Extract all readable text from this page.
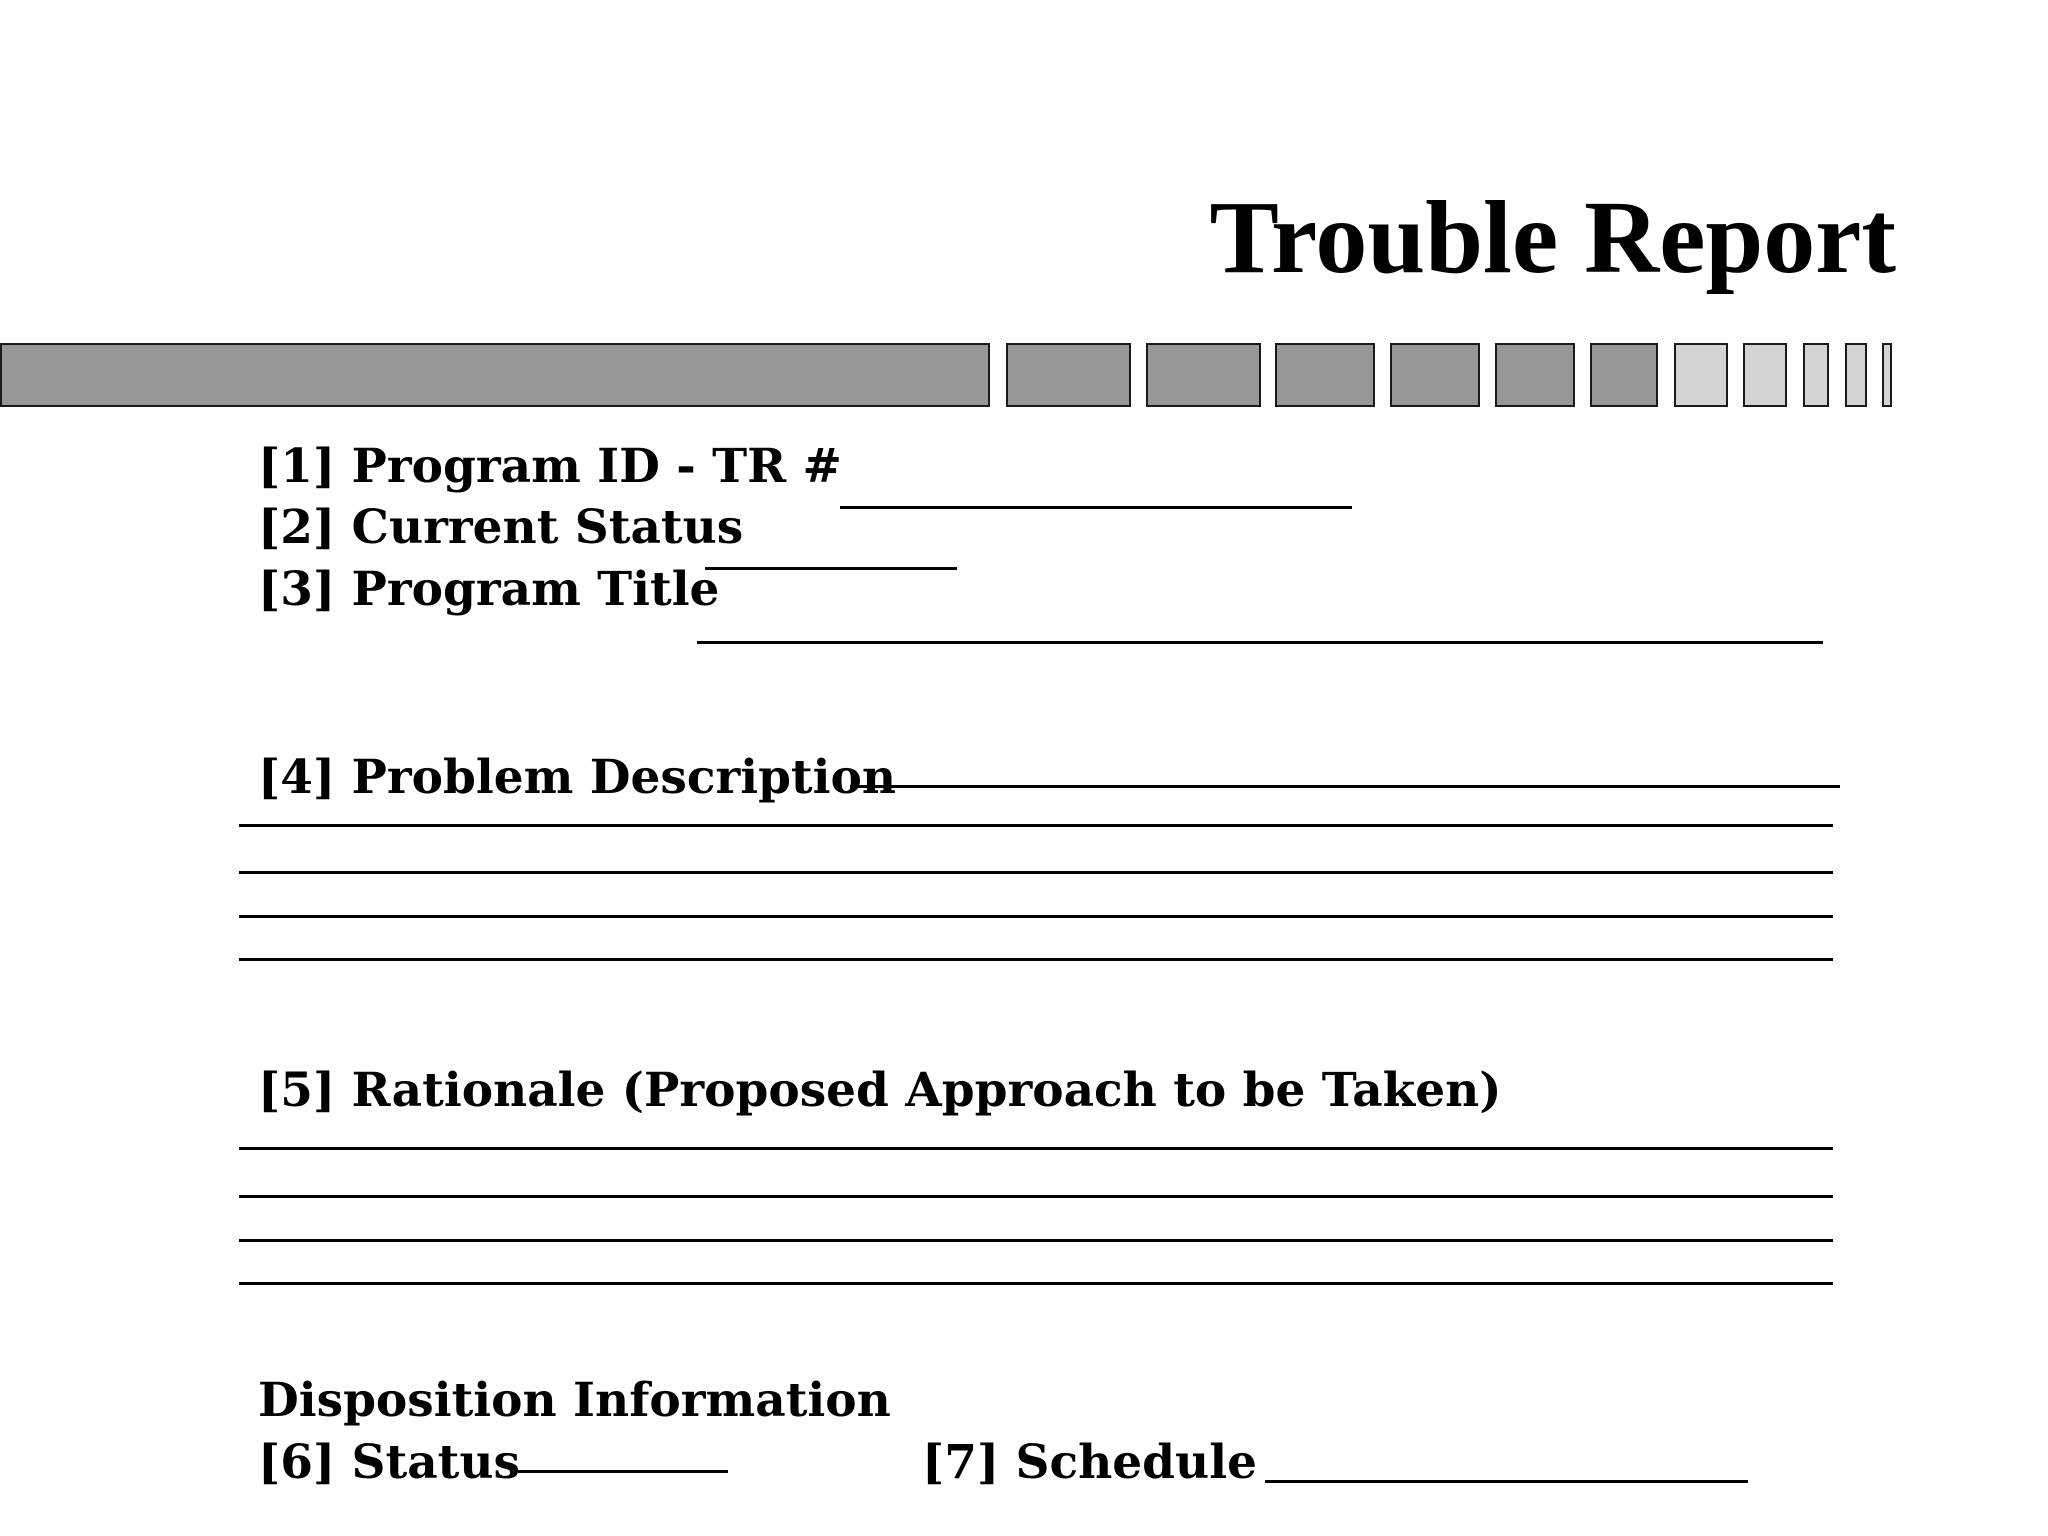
Trouble Report
[1] Program ID - TR #
[2] Current Status
[3] Program Title
[4] Problem Description
[5] Rationale (Proposed Approach to be Taken)
Disposition Information
[6] Status	[7] Schedule
